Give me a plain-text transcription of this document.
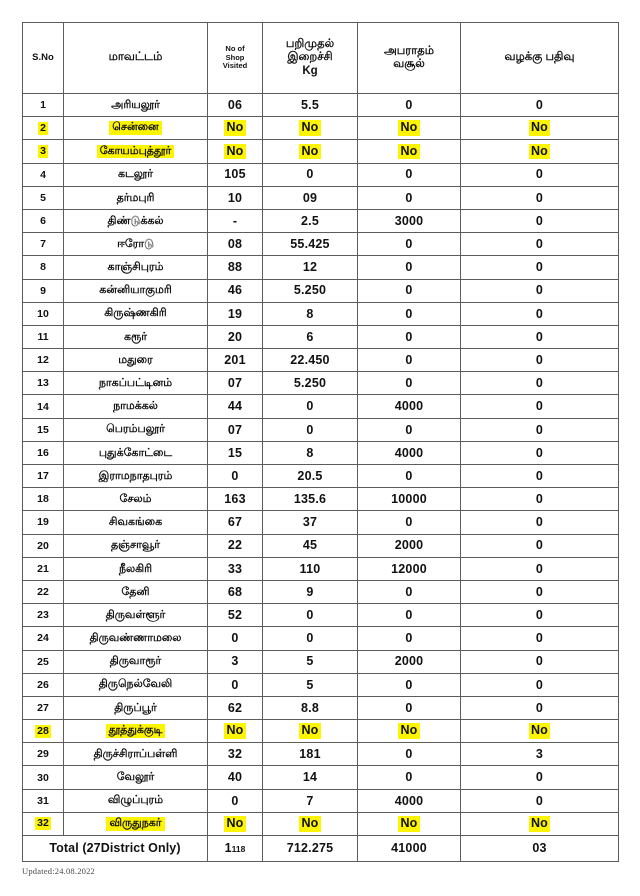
S.No	மாவட்டம்	No of
Shop
Visited	பறிமுதல்
இறைச்சி
Kg	அபராதம்
வசூல்	வழக்கு பதிவு
1	அரியலூர்	06	5.5	0	0
2	சென்னை	No	No	No	No
3	கோயம்புத்தூர்	No	No	No	No
4	கடலூர்	105	0	0	0
5	தர்மபுரி	10	09	0	0
6	திண்டுக்கல்	-	2.5	3000	0
7	ஈரோடு	08	55.425	0	0
8	காஞ்சிபுரம்	88	12	0	0
9	கன்னியாகுமரி	46	5.250	0	0
10	கிருஷ்ணகிரி	19	8	0	0
11	கரூர்	20	6	0	0
12	மதுரை	201	22.450	0	0
13	நாகப்பட்டினம்	07	5.250	0	0
14	நாமக்கல்	44	0	4000	0
15	பெரம்பலூர்	07	0	0	0
16	புதுக்கோட்டை	15	8	4000	0
17	இராமநாதபுரம்	0	20.5	0	0
18	சேலம்	163	135.6	10000	0
19	சிவகங்கை	67	37	0	0
20	தஞ்சாவூர்	22	45	2000	0
21	நீலகிரி	33	110	12000	0
22	தேனி	68	9	0	0
23	திருவள்ளூர்	52	0	0	0
24	திருவண்ணாமலை	0	0	0	0
25	திருவாரூர்	3	5	2000	0
26	திருநெல்வேலி	0	5	0	0
27	திருப்பூர்	62	8.8	0	0
28	தூத்துக்குடி	No	No	No	No
29	திருச்சிராப்பள்ளி	32	181	0	3
30	வேலூர்	40	14	0	0
31	விழுப்புரம்	0	7	4000	0
32	விருதுநகர்	No	No	No	No
Total (27District Only)		1118	712.275	41000	03
Updated:24.08.2022
